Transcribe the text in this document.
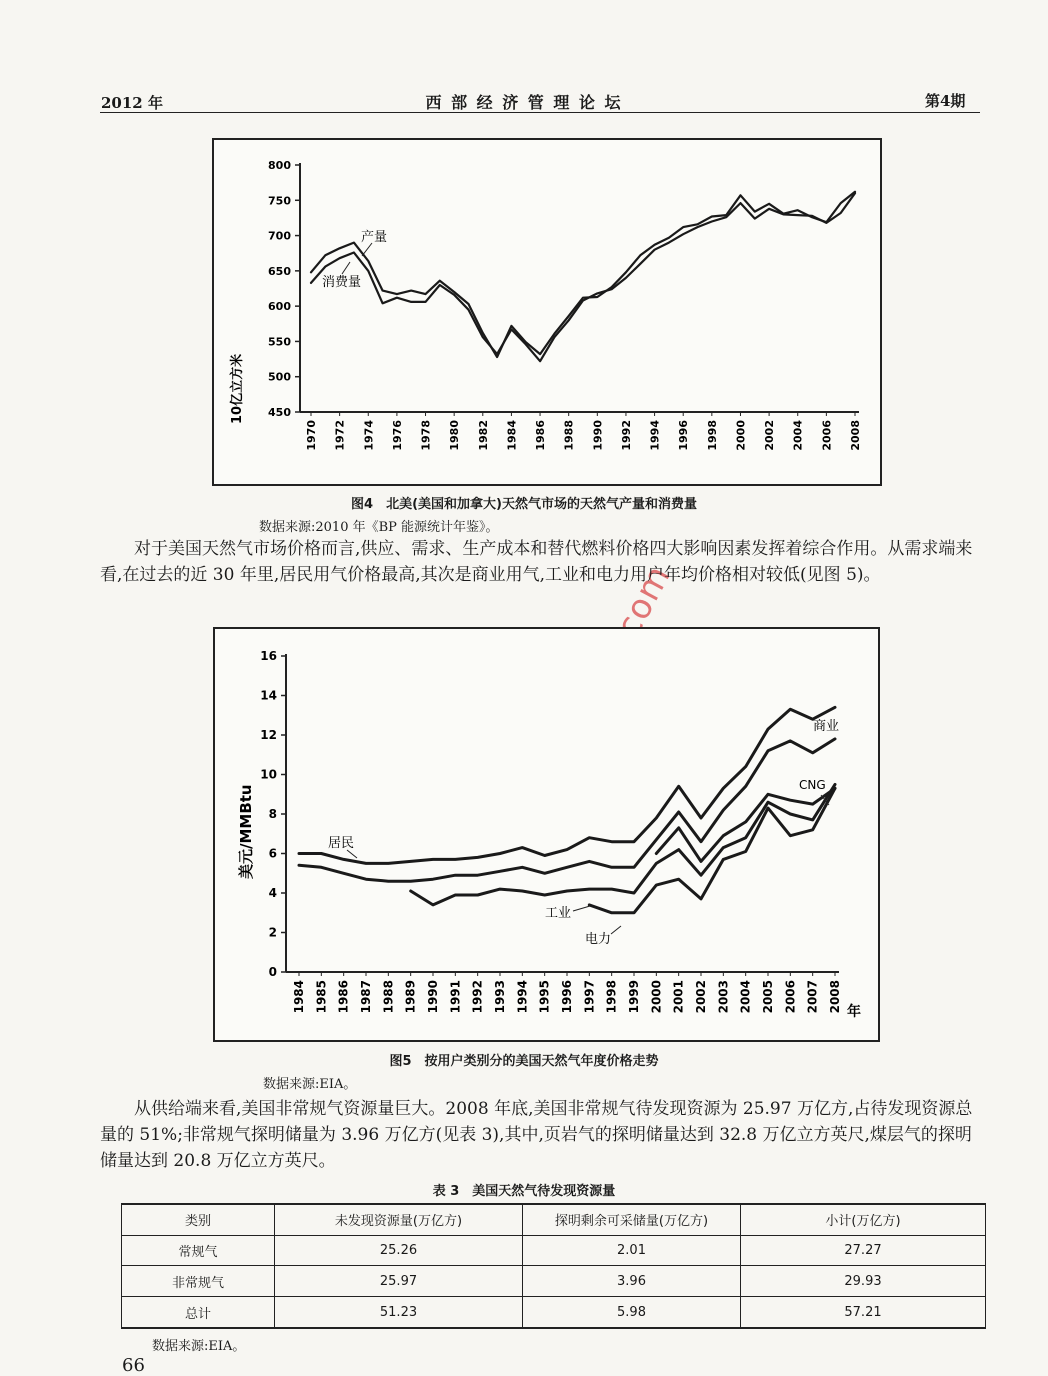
2012 年	西 部 经 济 管 理 论 坛	第4期
10亿立方米
产量
消费量
450
500
550
600
650
700
750
800
1970 1972 1974 1976 1978 1980 1982 1984 1986 1988 1990 1992 1994 1996 1998 2000 2002 2004 2006 2008
图4　北美(美国和加拿大)天然气市场的天然气产量和消费量
数据来源:2010 年《BP 能源统计年鉴》。

对于美国天然气市场价格而言,供应、需求、生产成本和替代燃料价格四大影响因素发挥着综合作用。从需求端来看,在过去的近 30 年里,居民用气价格最高,其次是商业用气,工业和电力用户年均价格相对较低(见图 5)。

美元/MMBtu
年
居民
商业
CNG
工业
电力
0
2
4
6
8
10
12
14
16
1984 1985 1986 1987 1988 1989 1990 1991 1992 1993 1994 1995 1996 1997 1998 1999 2000 2001 2002 2003 2004 2005 2006 2007 2008
图5　按用户类别分的美国天然气年度价格走势
数据来源:EIA。

从供给端来看,美国非常规气资源量巨大。2008 年底,美国非常规气待发现资源为 25.97 万亿方,占待发现资源总量的 51%;非常规气探明储量为 3.96 万亿方(见表 3),其中,页岩气的探明储量达到 32.8 万亿立方英尺,煤层气的探明储量达到 20.8 万亿立方英尺。

表 3　美国天然气待发现资源量
类别	未发现资源量(万亿方)	探明剩余可采储量(万亿方)	小计(万亿方)
常规气	25.26	2.01	27.27
非常规气	25.97	3.96	29.93
总计	51.23	5.98	57.21
数据来源:EIA。
66
